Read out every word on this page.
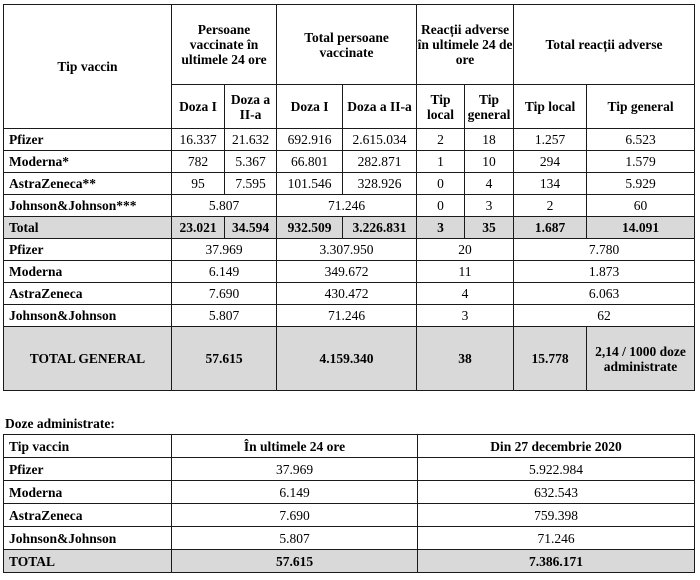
Tip vaccin	Persoane vaccinate în ultimele 24 ore		Total persoane vaccinate		Reacții adverse în ultimele 24 de ore		Total reacții adverse	
	Doza I	Doza a II-a	Doza I	Doza a II-a	Tip local	Tip general	Tip local	Tip general
Pfizer	16.337	21.632	692.916	2.615.034	2	18	1.257	6.523
Moderna*	782	5.367	66.801	282.871	1	10	294	1.579
AstraZeneca**	95	7.595	101.546	328.926	0	4	134	5.929
Johnson&Johnson***	5.807		71.246		0	3	2	60
Total	23.021	34.594	932.509	3.226.831	3	35	1.687	14.091
Pfizer	37.969		3.307.950		20		7.780	
Moderna	6.149		349.672		11		1.873	
AstraZeneca	7.690		430.472		4		6.063	
Johnson&Johnson	5.807		71.246		3		62	
TOTAL GENERAL	57.615		4.159.340		38		15.778	2,14 / 1000 doze administrate
Doze administrate:
Tip vaccin	În ultimele 24 ore	Din 27 decembrie 2020
Pfizer	37.969	5.922.984
Moderna	6.149	632.543
AstraZeneca	7.690	759.398
Johnson&Johnson	5.807	71.246
TOTAL	57.615	7.386.171
